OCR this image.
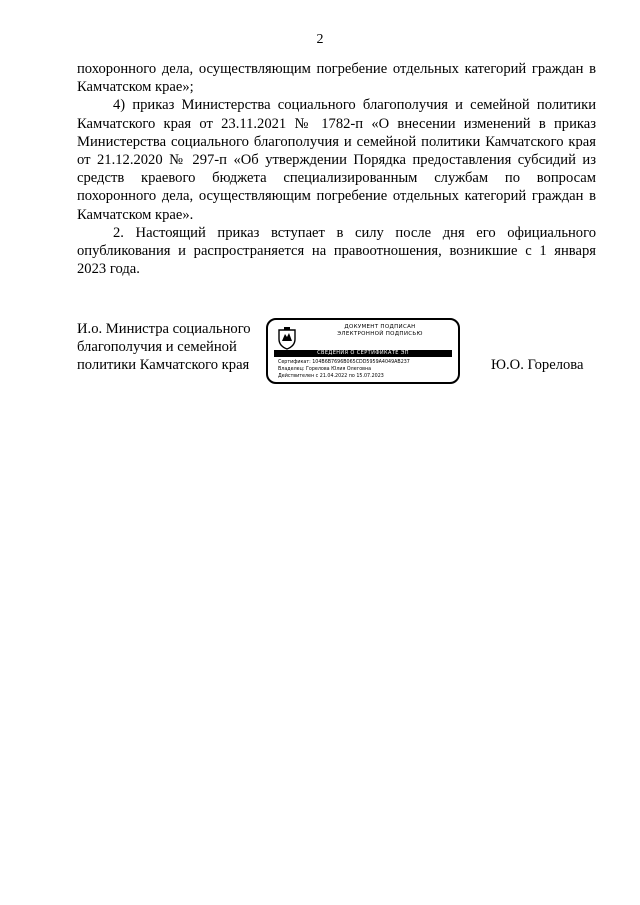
2

похоронного дела, осуществляющим погребение отдельных категорий граждан в Камчатском крае»;

4) приказ Министерства социального благополучия и семейной политики Камчатского края от 23.11.2021 № 1782-п «О внесении изменений в приказ Министерства социального благополучия и семейной политики Камчатского края от 21.12.2020 № 297-п «Об утверждении Порядка предоставления субсидий из средств краевого бюджета специализированным службам по вопросам похоронного дела, осуществляющим погребение отдельных категорий граждан в Камчатском крае».

2. Настоящий приказ вступает в силу после дня его официального опубликования и распространяется на правоотношения, возникшие с 1 января 2023 года.

И.о. Министра социального
благополучия и семейной
политики Камчатского края
ДОКУМЕНТ ПОДПИСАН
ЭЛЕКТРОННОЙ ПОДПИСЬЮ
СВЕДЕНИЯ О СЕРТИФИКАТЕ ЭП
Сертификат: 104B6B7696B065CDD5959A4049AB237
Владелец: Горелова Юлия Олеговна
Действителен с 21.04.2022 по 15.07.2023
Ю.О. Горелова
